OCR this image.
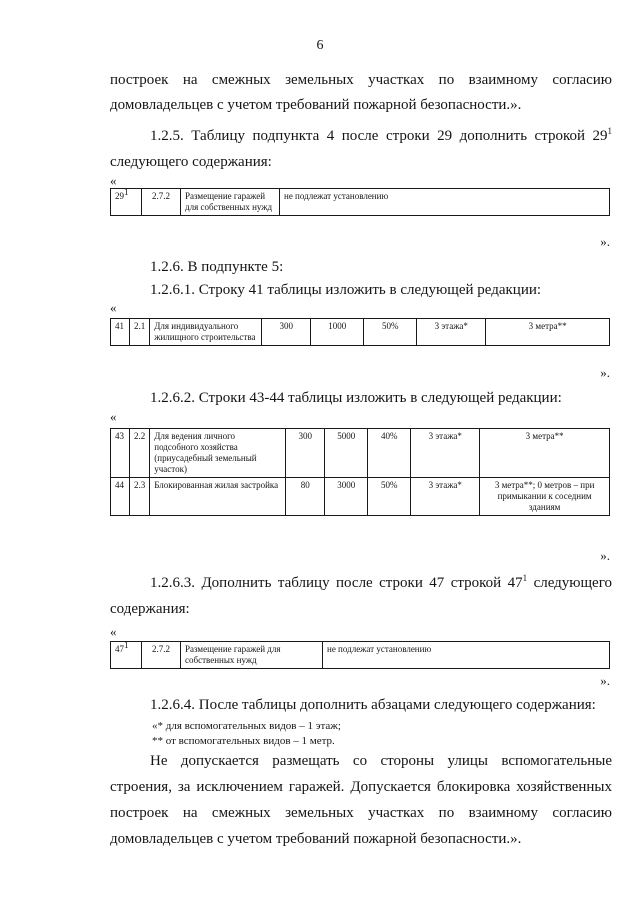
6

построек на смежных земельных участках по взаимному согласию

домовладельцев с учетом требований пожарной безопасности.».

1.2.5. Таблицу подпункта 4 после строки 29 дополнить строкой $29^1$

следующего содержания:

«
$29^1$	2.7.2	Размещение гаражей для собственных нужд	не подлежат установлению
».

1.2.6. В подпункте 5:

1.2.6.1. Строку 41 таблицы изложить в следующей редакции:

«
41	2.1	Для индивидуального жилищного строительства	300	1000	50%	3 этажа*	3 метра**
».

1.2.6.2. Строки 43-44 таблицы изложить в следующей редакции:

«
43	2.2	Для ведения личного подсобного хозяйства (приусадебный земельный участок)	300	5000	40%	3 этажа*	3 метра**
44	2.3	Блокированная жилая застройка	80	3000	50%	3 этажа*	3 метра**; 0 метров – при примыкании к соседним зданиям
».

1.2.6.3. Дополнить таблицу после строки 47 строкой $47^1$ следующего

содержания:

«
$47^1$	2.7.2	Размещение гаражей для собственных нужд	не подлежат установлению
».

1.2.6.4. После таблицы дополнить абзацами следующего содержания:

«* для вспомогательных видов – 1 этаж;
** от вспомогательных видов – 1 метр.

Не допускается размещать со стороны улицы вспомогательные

строения, за исключением гаражей. Допускается блокировка хозяйственных

построек на смежных земельных участках по взаимному согласию

домовладельцев с учетом требований пожарной безопасности.».
